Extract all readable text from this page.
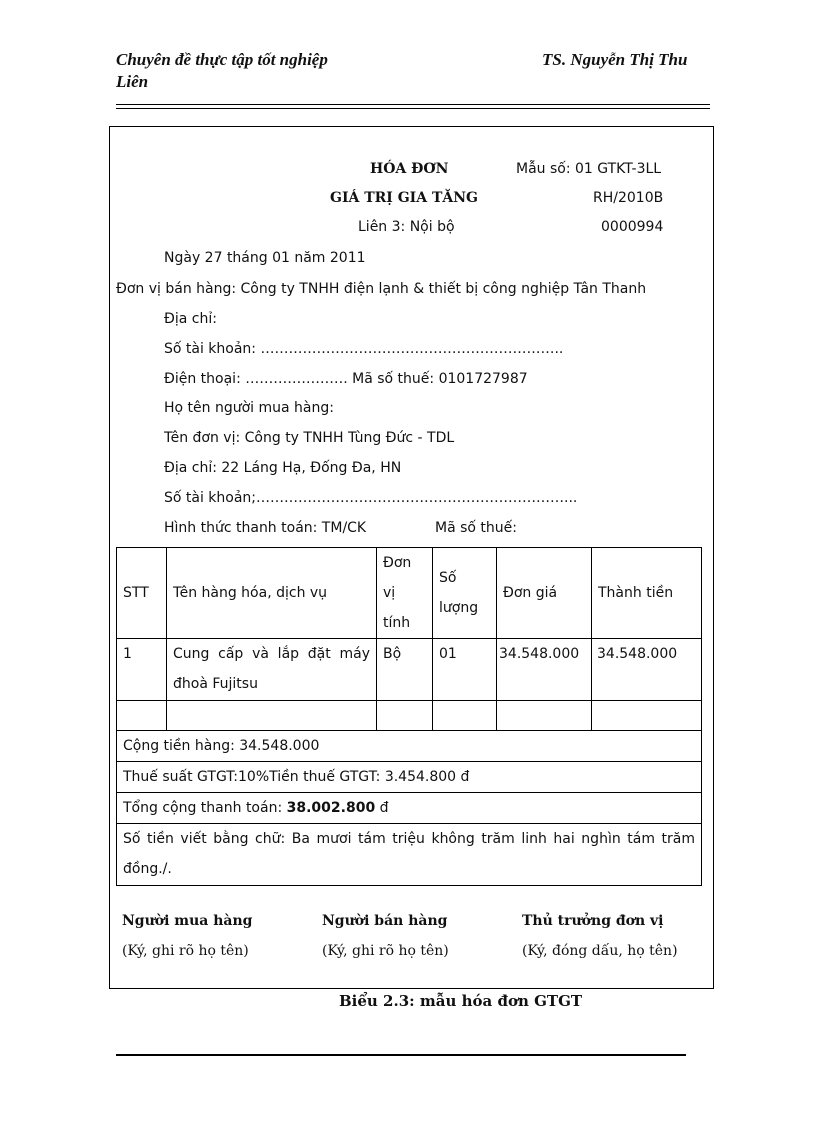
Chuyên đề thực tập tốt nghiệp
Liên
TS. Nguyễn Thị Thu
HÓA ĐƠN	Mẫu số: 01 GTKT-3LL
GIÁ TRỊ GIA TĂNG	RH/2010B
Liên 3: Nội bộ	0000994
Ngày 27 tháng 01 năm 2011
Đơn vị bán hàng: Công ty TNHH điện lạnh & thiết bị công nghiệp Tân Thanh
Địa chỉ:
Số tài khoản: ………………………………………………………..
Điện thoại: …………………. Mã số thuế: 0101727987
Họ tên người mua hàng:
Tên đơn vị: Công ty TNHH Tùng Đức - TDL
Địa chỉ: 22 Láng Hạ, Đống Đa, HN
Số tài khoản;…………………………………………………………...
Hình thức thanh toán: TM/CK	Mã số thuế:
STT	Tên hàng hóa, dịch vụ	Đơn vị tính	Số lượng	Đơn giá	Thành tiền
1	Cung cấp và lắp đặt máy đhoà Fujitsu	Bộ	01	34.548.000	34.548.000

Cộng tiền hàng: 34.548.000					
Thuế suất GTGT:10%Tiền thuế GTGT: 3.454.800 đ					
Tổng cộng thanh toán: 38.002.800 đ					
Số tiền viết bằng chữ: Ba mươi tám triệu không trăm linh hai nghìn tám trăm đồng./.					
Người mua hàng	Người bán hàng	Thủ trưởng đơn vị
(Ký, ghi rõ họ tên)	(Ký, ghi rõ họ tên)	(Ký, đóng dấu, họ tên)
Biểu 2.3: mẫu hóa đơn GTGT
